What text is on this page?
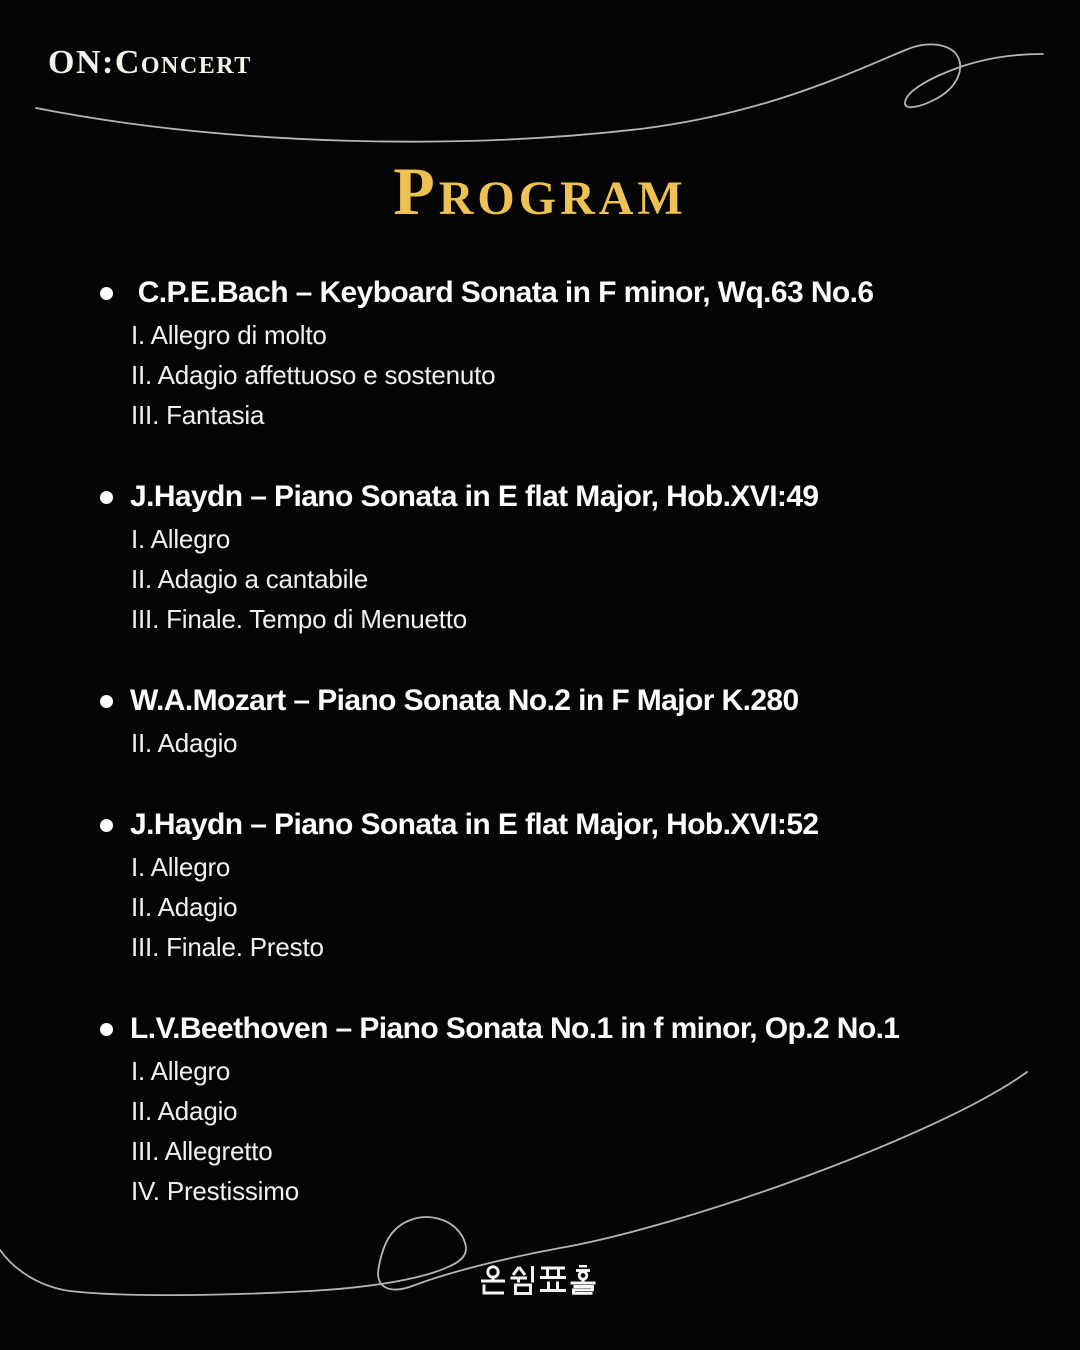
ON:Concert
Program
C.P.E.Bach – Keyboard Sonata in F minor, Wq.63 No.6
I. Allegro di molto
II. Adagio affettuoso e sostenuto
III. Fantasia
J.Haydn – Piano Sonata in E flat Major, Hob.XVI:49
I. Allegro
II. Adagio a cantabile
III. Finale. Tempo di Menuetto
W.A.Mozart – Piano Sonata No.2 in F Major K.280
II. Adagio
J.Haydn – Piano Sonata in E flat Major, Hob.XVI:52
I. Allegro
II. Adagio
III. Finale. Presto
L.V.Beethoven – Piano Sonata No.1 in f minor, Op.2 No.1
I. Allegro
II. Adagio
III. Allegretto
IV. Prestissimo
